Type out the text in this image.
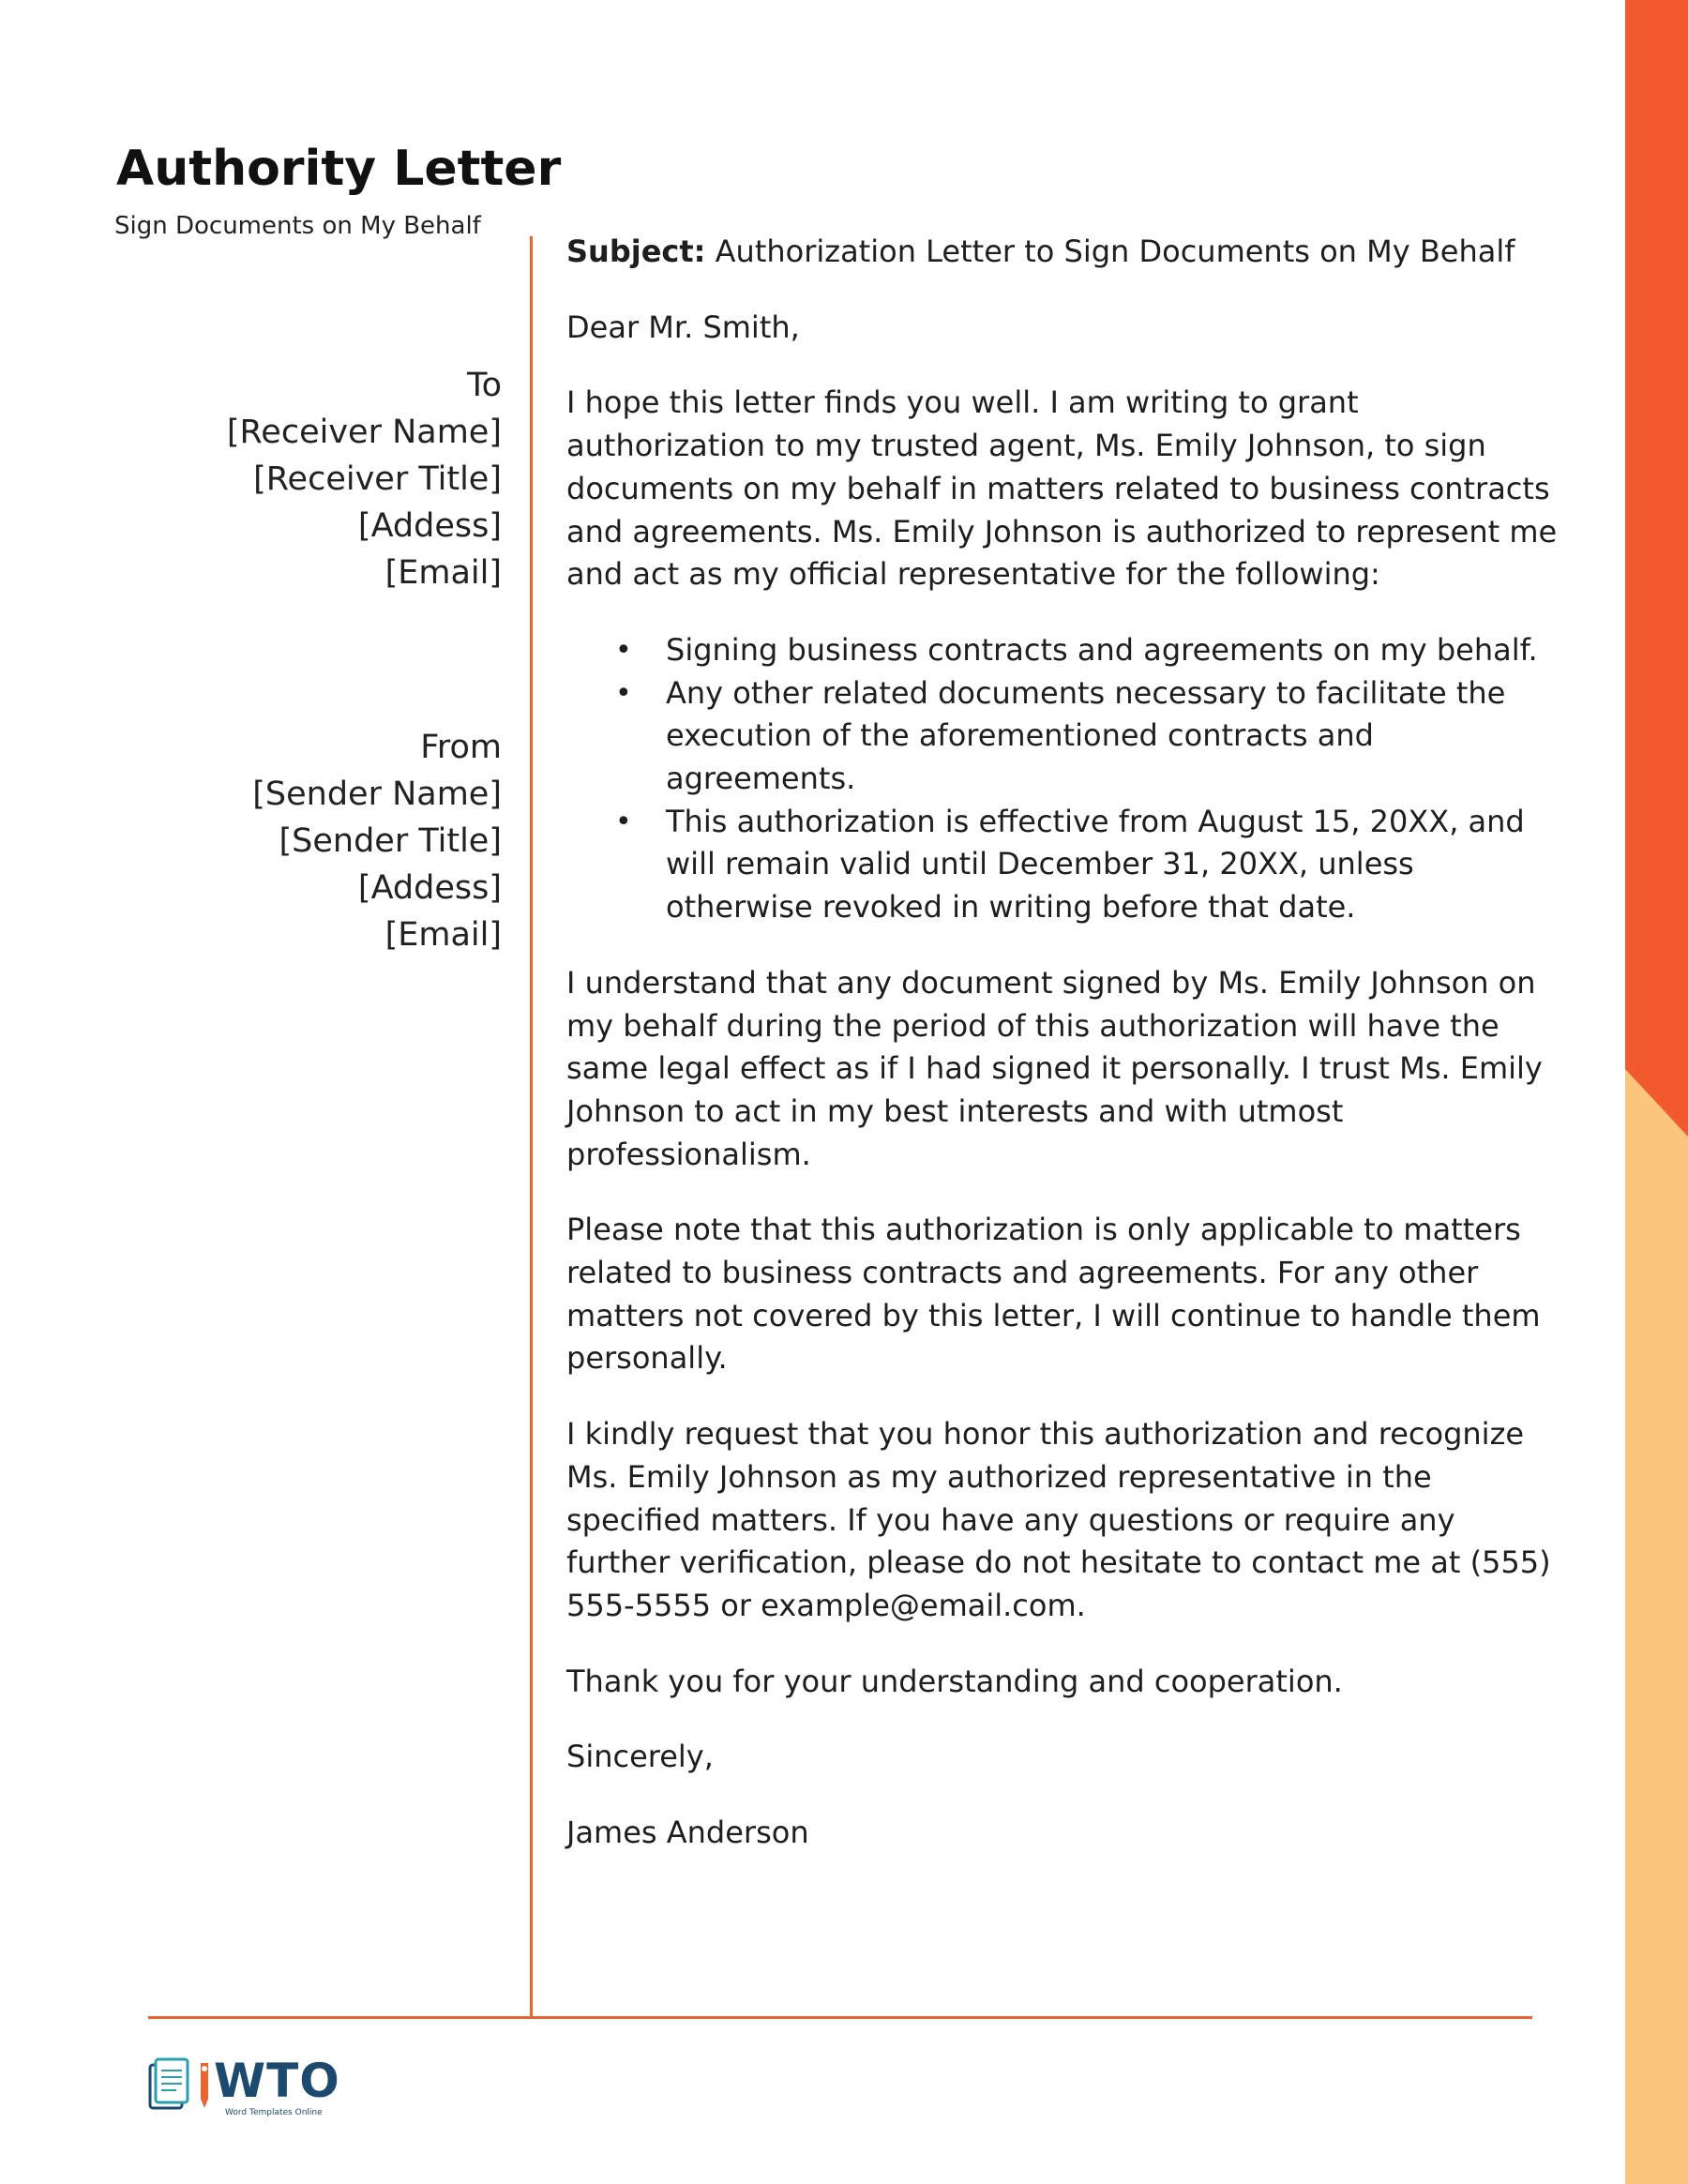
Authority Letter
Sign Documents on My Behalf
To
[Receiver Name]
[Receiver Title]
[Addess]
[Email]
From
[Sender Name]
[Sender Title]
[Addess]
[Email]

Subject: Authorization Letter to Sign Documents on My Behalf

Dear Mr. Smith,

I hope this letter finds you well. I am writing to grant authorization to my trusted agent, Ms. Emily Johnson, to sign documents on my behalf in matters related to business contracts and agreements. Ms. Emily Johnson is authorized to represent me and act as my official representative for the following:

• Signing business contracts and agreements on my behalf.
• Any other related documents necessary to facilitate the execution of the aforementioned contracts and agreements.
• This authorization is effective from August 15, 20XX, and will remain valid until December 31, 20XX, unless otherwise revoked in writing before that date.

I understand that any document signed by Ms. Emily Johnson on my behalf during the period of this authorization will have the same legal effect as if I had signed it personally. I trust Ms. Emily Johnson to act in my best interests and with utmost professionalism.

Please note that this authorization is only applicable to matters related to business contracts and agreements. For any other matters not covered by this letter, I will continue to handle them personally.

I kindly request that you honor this authorization and recognize Ms. Emily Johnson as my authorized representative in the specified matters. If you have any questions or require any further verification, please do not hesitate to contact me at (555) 555-5555 or example@email.com.

Thank you for your understanding and cooperation.

Sincerely,

James Anderson

WTO
Word Templates Online
